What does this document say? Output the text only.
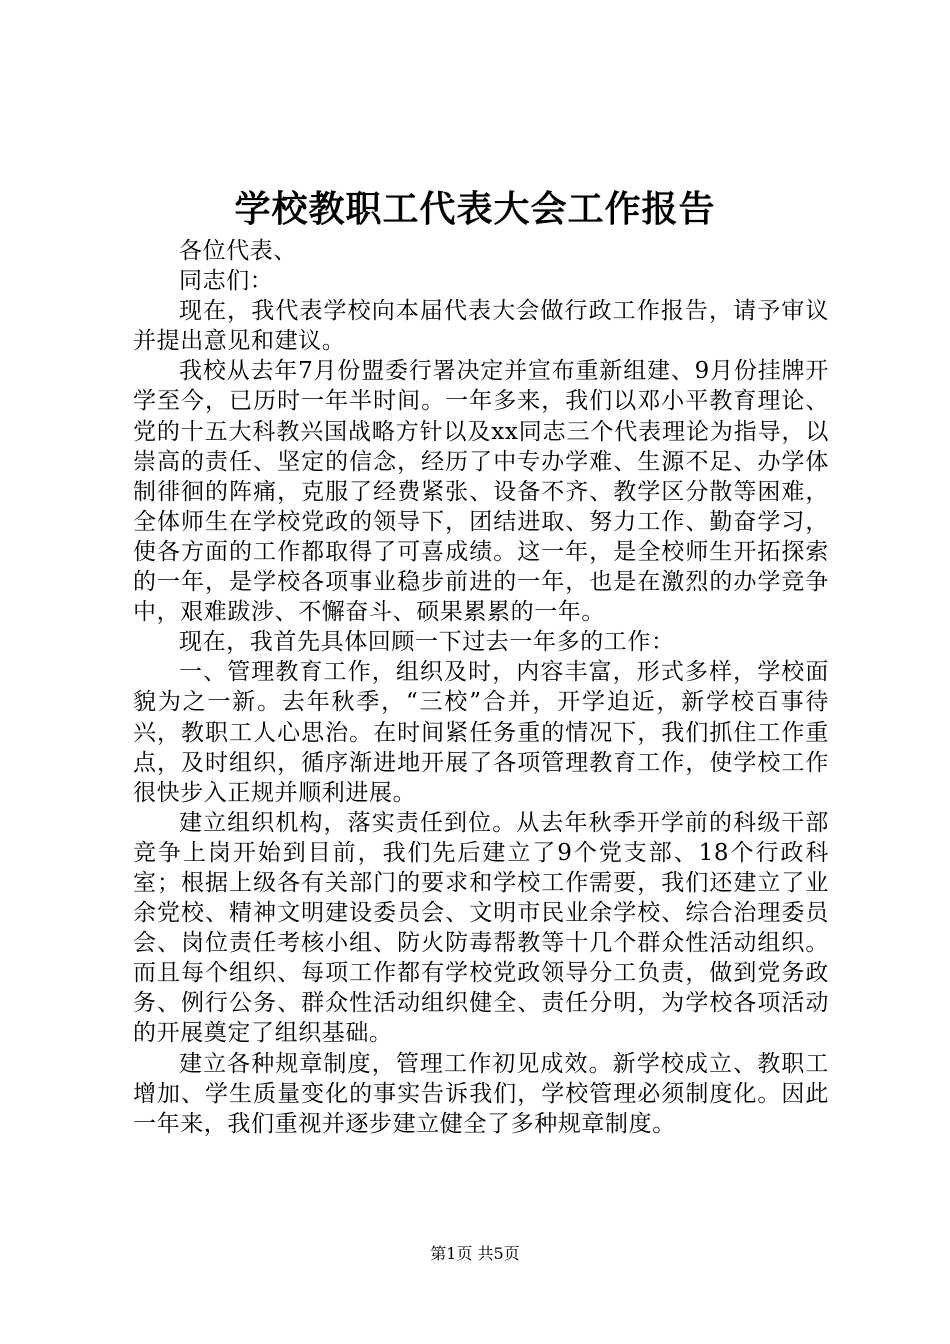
学校教职工代表大会工作报告

各位代表、

同志们：

现在，我代表学校向本届代表大会做行政工作报告，请予审议并提出意见和建议。

我校从去年7月份盟委行署决定并宣布重新组建、9月份挂牌开学至今，已历时一年半时间。一年多来，我们以邓小平教育理论、党的十五大科教兴国战略方针以及xx同志三个代表理论为指导，以崇高的责任、坚定的信念，经历了中专办学难、生源不足、办学体制徘徊的阵痛，克服了经费紧张、设备不齐、教学区分散等困难，全体师生在学校党政的领导下，团结进取、努力工作、勤奋学习，使各方面的工作都取得了可喜成绩。这一年，是全校师生开拓探索的一年，是学校各项事业稳步前进的一年，也是在激烈的办学竞争中，艰难跋涉、不懈奋斗、硕果累累的一年。

现在，我首先具体回顾一下过去一年多的工作：

一、管理教育工作，组织及时，内容丰富，形式多样，学校面貌为之一新。去年秋季，“三校”合并，开学迫近，新学校百事待兴，教职工人心思治。在时间紧任务重的情况下，我们抓住工作重点，及时组织，循序渐进地开展了各项管理教育工作，使学校工作很快步入正规并顺利进展。

建立组织机构，落实责任到位。从去年秋季开学前的科级干部竞争上岗开始到目前，我们先后建立了9个党支部、18个行政科室；根据上级各有关部门的要求和学校工作需要，我们还建立了业余党校、精神文明建设委员会、文明市民业余学校、综合治理委员会、岗位责任考核小组、防火防毒帮教等十几个群众性活动组织。而且每个组织、每项工作都有学校党政领导分工负责，做到党务政务、例行公务、群众性活动组织健全、责任分明，为学校各项活动的开展奠定了组织基础。

建立各种规章制度，管理工作初见成效。新学校成立、教职工增加、学生质量变化的事实告诉我们，学校管理必须制度化。因此一年来，我们重视并逐步建立健全了多种规章制度。

第1页 共5页
